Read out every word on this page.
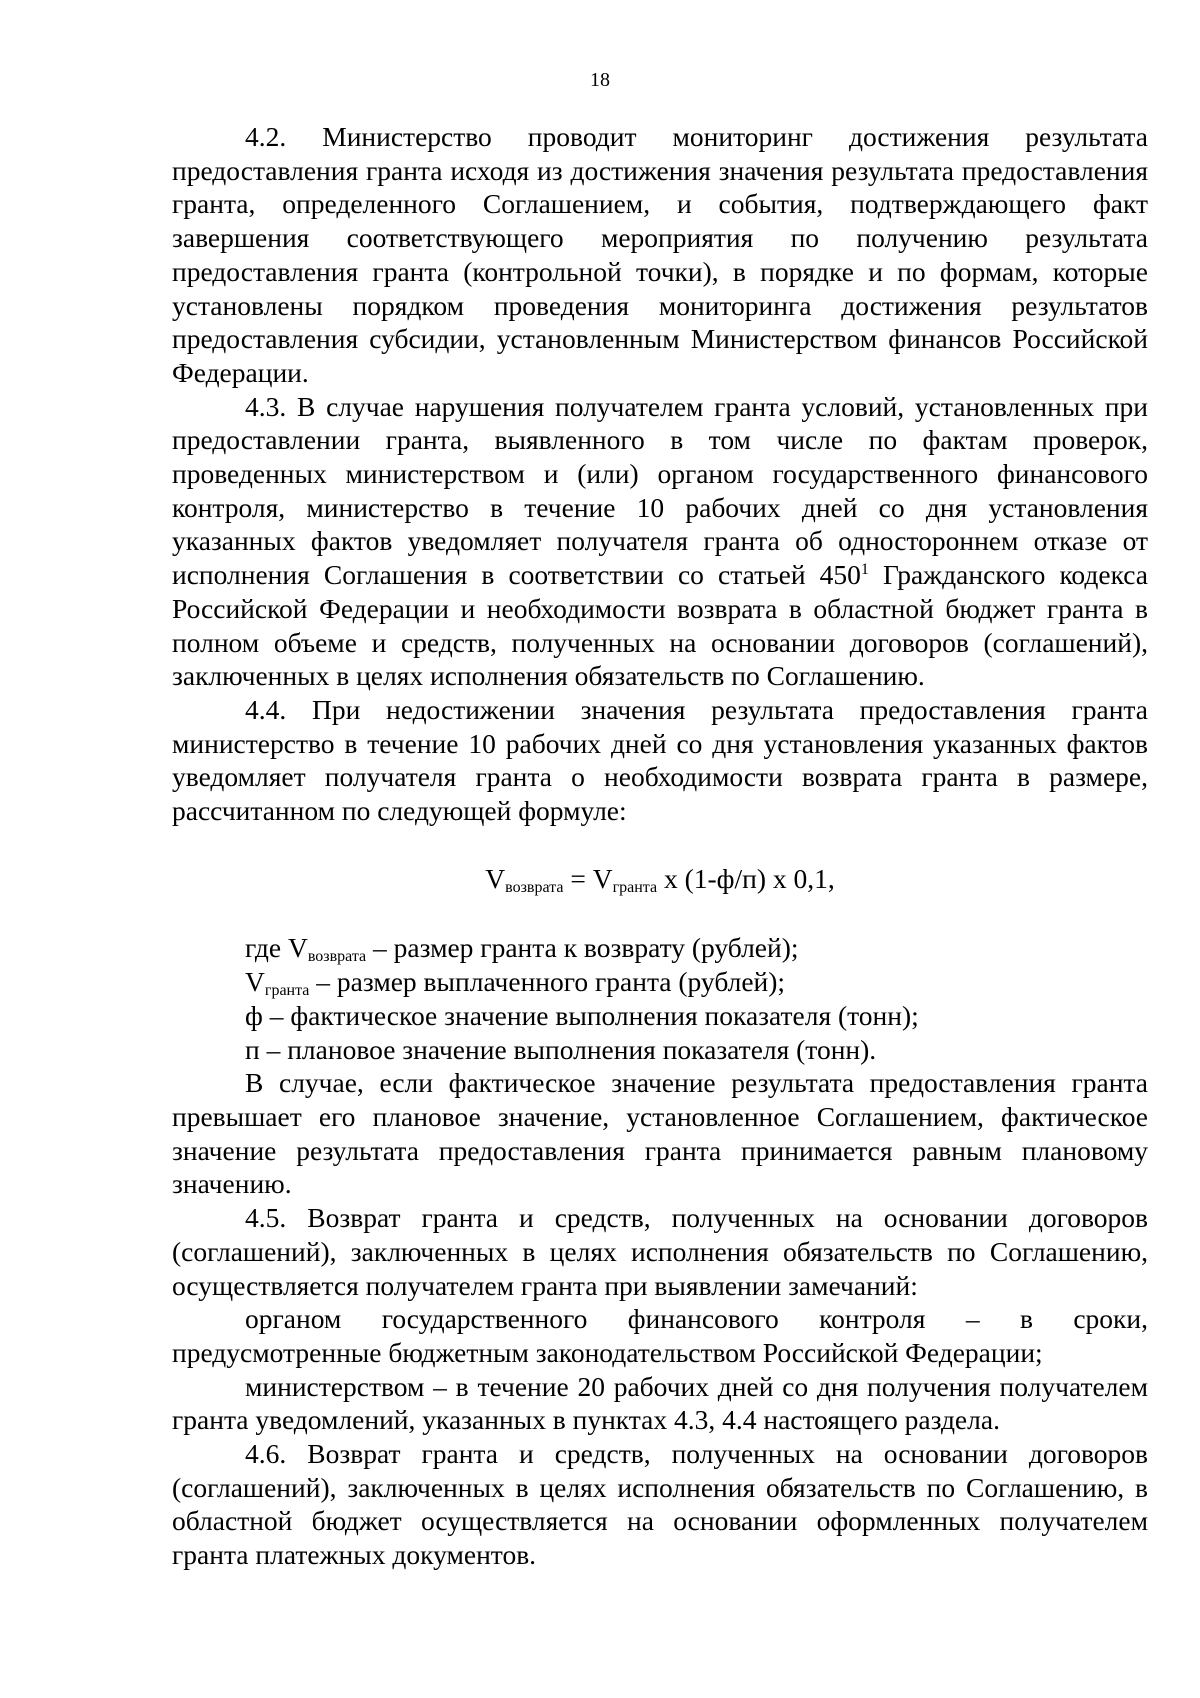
18

4.2. Министерство проводит мониторинг достижения результата предоставления гранта исходя из достижения значения результата предоставления гранта, определенного Соглашением, и события, подтверждающего факт завершения соответствующего мероприятия по получению результата предоставления гранта (контрольной точки), в порядке и по формам, которые установлены порядком проведения мониторинга достижения результатов предоставления субсидии, установленным Министерством финансов Российской Федерации.

4.3. В случае нарушения получателем гранта условий, установленных при предоставлении гранта, выявленного в том числе по фактам проверок, проведенных министерством и (или) органом государственного финансового контроля, министерство в течение 10 рабочих дней со дня установления указанных фактов уведомляет получателя гранта об одностороннем отказе от исполнения Соглашения в соответствии со статьей $450^1$ Гражданского кодекса Российской Федерации и необходимости возврата в областной бюджет гранта в полном объеме и средств, полученных на основании договоров (соглашений), заключенных в целях исполнения обязательств по Соглашению.

4.4. При недостижении значения результата предоставления гранта министерство в течение 10 рабочих дней со дня установления указанных фактов уведомляет получателя гранта о необходимости возврата гранта в размере, рассчитанном по следующей формуле:

$V_{возврата} = V_{гранта}$ х (1-ф/п) х 0,1,

где $V_{возврата}$ – размер гранта к возврату (рублей);

$V_{гранта}$ – размер выплаченного гранта (рублей);

ф – фактическое значение выполнения показателя (тонн);

п – плановое значение выполнения показателя (тонн).

В случае, если фактическое значение результата предоставления гранта превышает его плановое значение, установленное Соглашением, фактическое значение результата предоставления гранта принимается равным плановому значению.

4.5. Возврат гранта и средств, полученных на основании договоров (соглашений), заключенных в целях исполнения обязательств по Соглашению, осуществляется получателем гранта при выявлении замечаний:

органом государственного финансового контроля – в сроки, предусмотренные бюджетным законодательством Российской Федерации;

министерством – в течение 20 рабочих дней со дня получения получателем гранта уведомлений, указанных в пунктах 4.3, 4.4 настоящего раздела.

4.6. Возврат гранта и средств, полученных на основании договоров (соглашений), заключенных в целях исполнения обязательств по Соглашению, в областной бюджет осуществляется на основании оформленных получателем гранта платежных документов.
